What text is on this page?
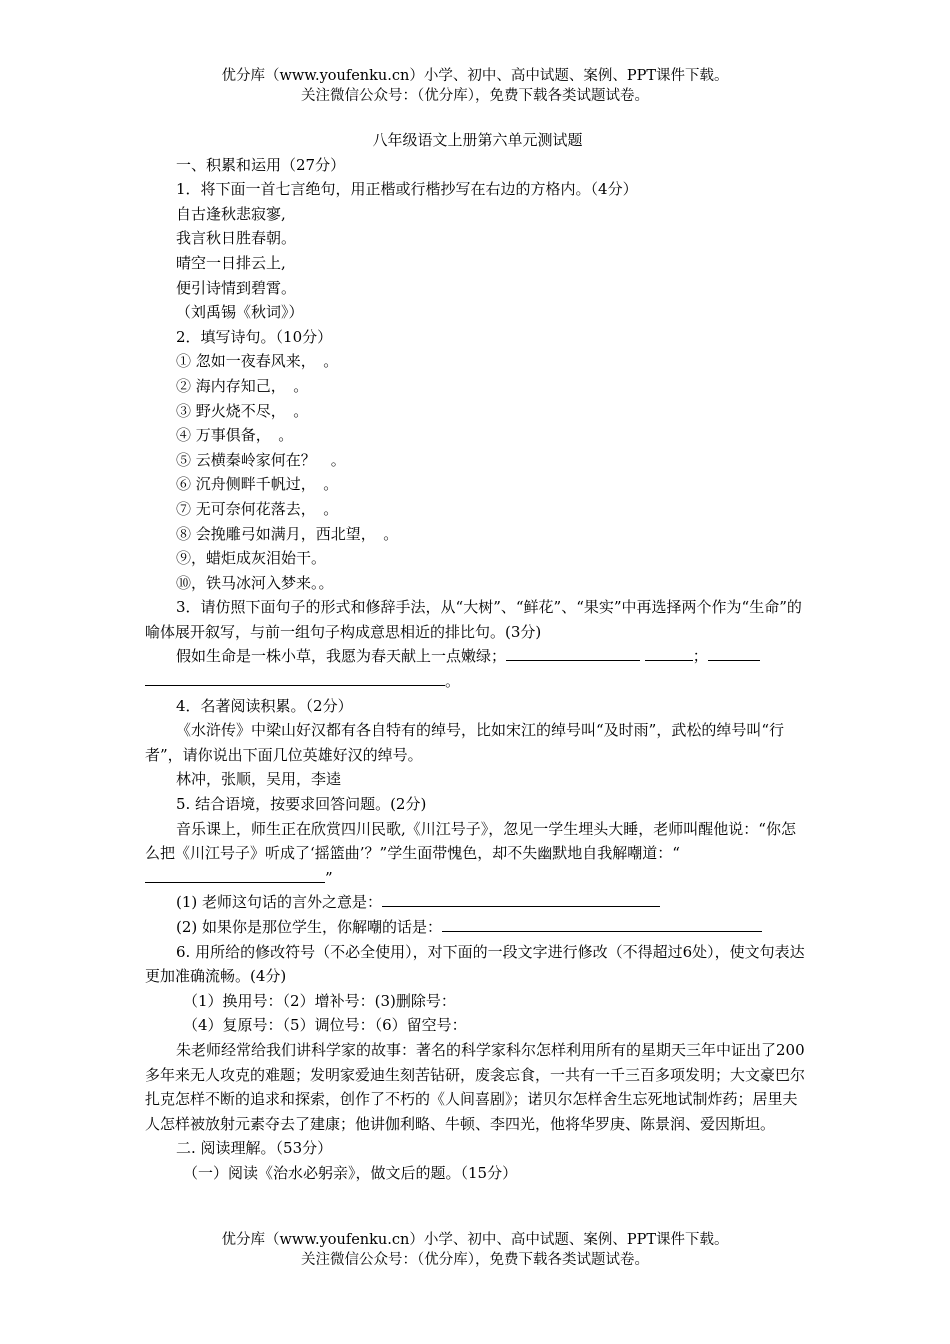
优分库（www.youfenku.cn）小学、初中、高中试题、案例、PPT课件下载。
关注微信公众号：（优分库），免费下载各类试题试卷。
八年级语文上册第六单元测试题
一、积累和运用（27分）
1．将下面一首七言绝句，用正楷或行楷抄写在右边的方格内。（4分）
自古逢秋悲寂寥,
我言秋日胜春朝。
晴空一日排云上,
便引诗情到碧霄。
（刘禹锡《秋词》）
2．填写诗句。（10分）
① 忽如一夜春风来，　。
② 海内存知己，　。
③ 野火烧不尽，　。
④ 万事俱备，　。
⑤ 云横秦岭家何在？　。
⑥ 沉舟侧畔千帆过，　。
⑦ 无可奈何花落去，　。
⑧ 会挽雕弓如满月，西北望，　。
⑨，蜡炬成灰泪始干。
⑩，铁马冰河入梦来。。
3．请仿照下面句子的形式和修辞手法，从“大树”、“鲜花”、“果实”中再选择两个作为“生命”的喻体展开叙写，与前一组句子构成意思相近的排比句。(3分)
假如生命是一株小草，我愿为春天献上一点嫩绿；	；
。
4．名著阅读积累。（2分）
《水浒传》中梁山好汉都有各自特有的绰号，比如宋江的绰号叫“及时雨”，武松的绰号叫“行者”，请你说出下面几位英雄好汉的绰号。
林冲，张顺，吴用，李逵
5. 结合语境，按要求回答问题。(2分)
音乐课上，师生正在欣赏四川民歌,《川江号子》，忽见一学生埋头大睡，老师叫醒他说：“你怎么把《川江号子》听成了‘摇篮曲’？”学生面带愧色，却不失幽默地自我解嘲道：“”
(1) 老师这句话的言外之意是：
(2) 如果你是那位学生，你解嘲的话是：
6. 用所给的修改符号（不必全使用），对下面的一段文字进行修改（不得超过6处），使文句表达更加准确流畅。(4分)
（1）换用号：（2）增补号：(3)删除号：
（4）复原号：（5）调位号：（6）留空号：
朱老师经常给我们讲科学家的故事：著名的科学家科尔怎样利用所有的星期天三年中证出了200多年来无人攻克的难题；发明家爱迪生刻苦钻研，废衾忘食，一共有一千三百多项发明；大文豪巴尔扎克怎样不断的追求和探索，创作了不朽的《人间喜剧》；诺贝尔怎样舍生忘死地试制炸药；居里夫人怎样被放射元素夺去了建康；他讲伽利略、牛顿、李四光，他将华罗庚、陈景润、爱因斯坦。
二. 阅读理解。（53分）
（一）阅读《治水必躬亲》，做文后的题。（15分）
优分库（www.youfenku.cn）小学、初中、高中试题、案例、PPT课件下载。
关注微信公众号：（优分库），免费下载各类试题试卷。
